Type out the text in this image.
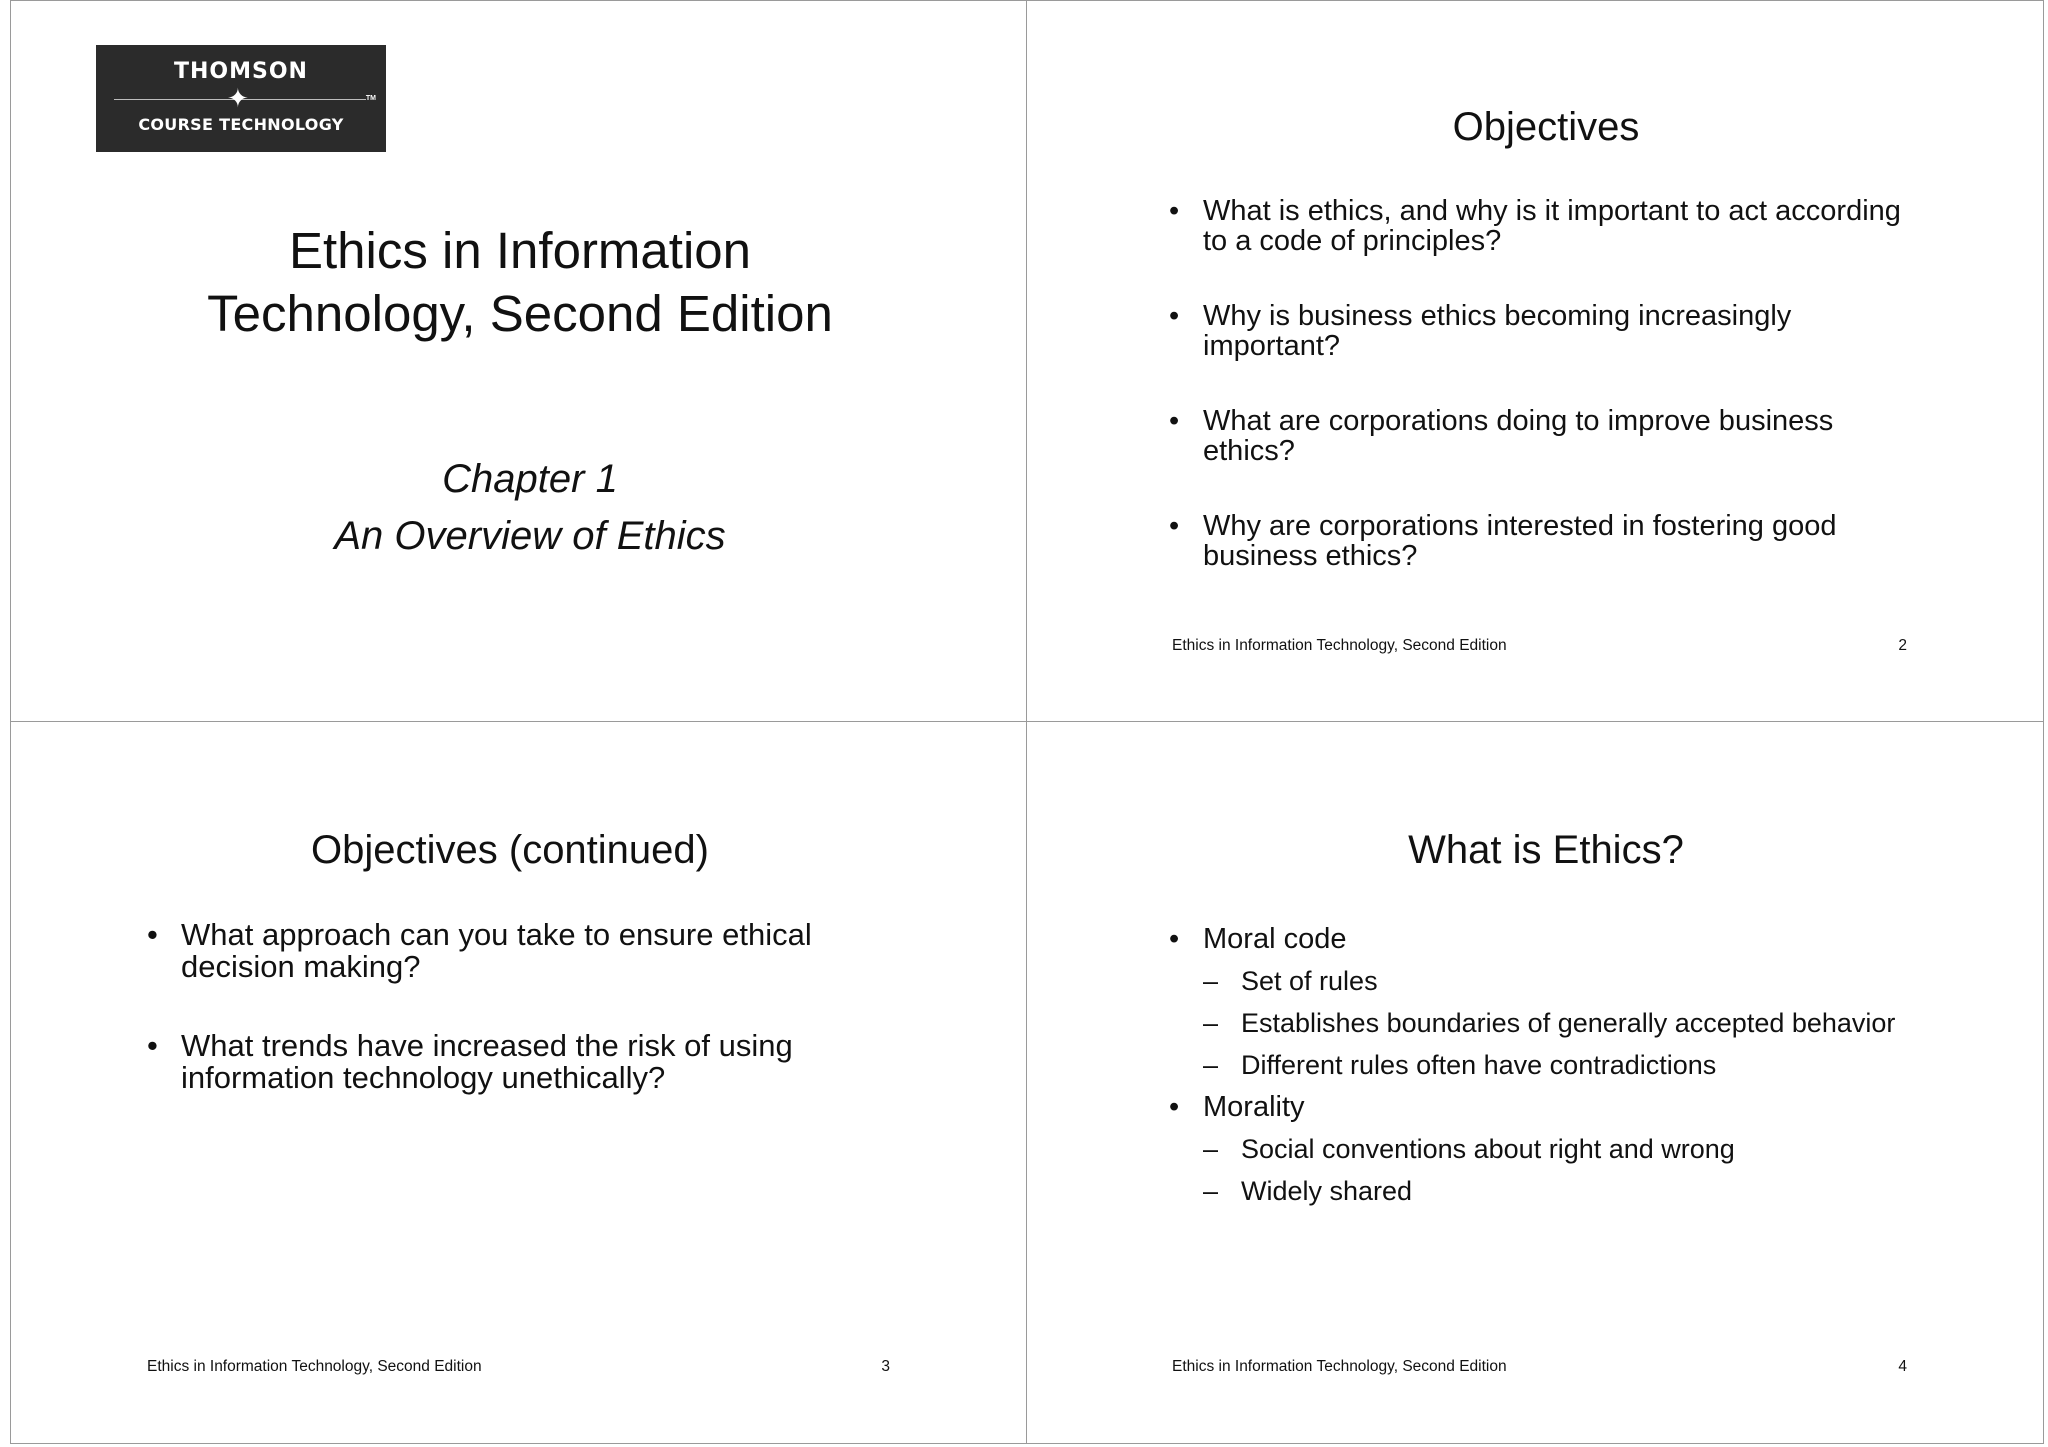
THOMSON
✦	TM
COURSE TECHNOLOGY
Ethics in Information
Technology, Second Edition
Chapter 1
An Overview of Ethics
Objectives
• What is ethics, and why is it important to act according to a code of principles?
• Why is business ethics becoming increasingly important?
• What are corporations doing to improve business ethics?
• Why are corporations interested in fostering good business ethics?
Ethics in Information Technology, Second Edition	2
Objectives (continued)
• What approach can you take to ensure ethical decision making?
• What trends have increased the risk of using information technology unethically?
Ethics in Information Technology, Second Edition	3
What is Ethics?
• Moral code
– Set of rules
– Establishes boundaries of generally accepted behavior
– Different rules often have contradictions
• Morality
– Social conventions about right and wrong
– Widely shared
Ethics in Information Technology, Second Edition	4
